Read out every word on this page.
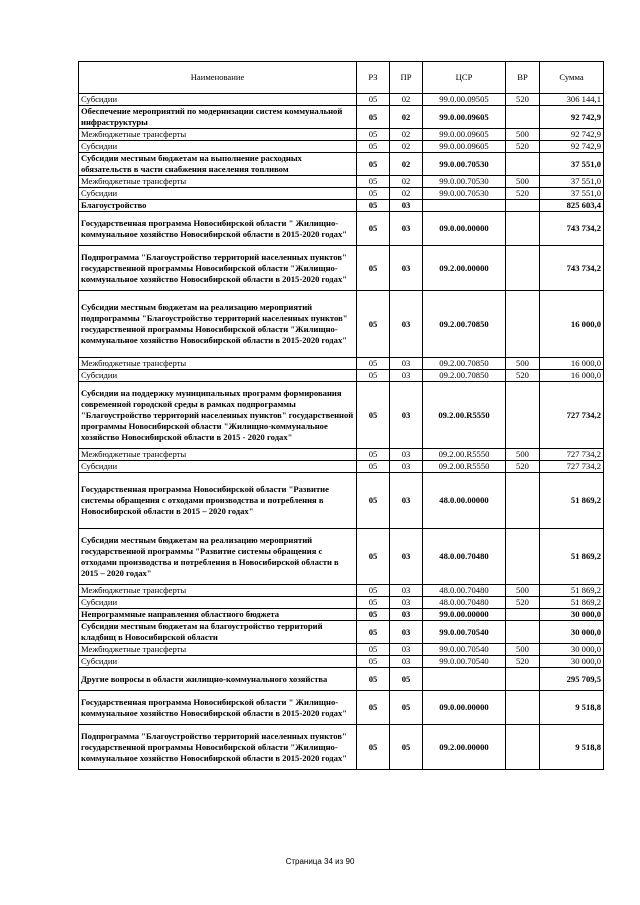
Наименование	РЗ	ПР	ЦСР	ВР	Сумма
Субсидии	05	02	99.0.00.09505	520	306 144,1
Обеспечение мероприятий по модернизации систем коммунальной инфраструктуры	05	02	99.0.00.09605		92 742,9
Межбюджетные трансферты	05	02	99.0.00.09605	500	92 742,9
Субсидии	05	02	99.0.00.09605	520	92 742,9
Субсидии местным бюджетам на выполнение расходных обязательств в части снабжения населения топливом	05	02	99.0.00.70530		37 551,0
Межбюджетные трансферты	05	02	99.0.00.70530	500	37 551,0
Субсидии	05	02	99.0.00.70530	520	37 551,0
Благоустройство	05	03			825 603,4
Государственная программа Новосибирской области " Жилищно-коммунальное хозяйство Новосибирской области в 2015-2020 годах"	05	03	09.0.00.00000		743 734,2
Подпрограмма "Благоустройство территорий населенных пунктов" государственной программы Новосибирской области "Жилищно-коммунальное хозяйство Новосибирской области в 2015-2020 годах"	05	03	09.2.00.00000		743 734,2
Субсидии местным бюджетам на реализацию мероприятий подпрограммы "Благоустройство территорий населенных пунктов" государственной программы Новосибирской области "Жилищно-коммунальное хозяйство Новосибирской области в 2015-2020 годах"	05	03	09.2.00.70850		16 000,0
Межбюджетные трансферты	05	03	09.2.00.70850	500	16 000,0
Субсидии	05	03	09.2.00.70850	520	16 000,0
Субсидии на поддержку муниципальных программ формирования современной городской среды в рамках подпрограммы "Благоустройство территорий населенных пунктов" государственной программы Новосибирской области "Жилищно-коммунальное хозяйство Новосибирской области в 2015 - 2020 годах"	05	03	09.2.00.R5550		727 734,2
Межбюджетные трансферты	05	03	09.2.00.R5550	500	727 734,2
Субсидии	05	03	09.2.00.R5550	520	727 734,2
Государственная программа Новосибирской области "Развитие системы обращения с отходами производства и потребления в Новосибирской области в 2015 – 2020 годах"	05	03	48.0.00.00000		51 869,2
Субсидии местным бюджетам на реализацию мероприятий государственной программы "Развитие системы обращения с отходами производства и потребления в Новосибирской области в 2015 – 2020 годах"	05	03	48.0.00.70480		51 869,2
Межбюджетные трансферты	05	03	48.0.00.70480	500	51 869,2
Субсидии	05	03	48.0.00.70480	520	51 869,2
Непрограммные направления областного бюджета	05	03	99.0.00.00000		30 000,0
Субсидии местным бюджетам на благоустройство территорий кладбищ в Новосибирской области	05	03	99.0.00.70540		30 000,0
Межбюджетные трансферты	05	03	99.0.00.70540	500	30 000,0
Субсидии	05	03	99.0.00.70540	520	30 000,0
Другие вопросы в области жилищно-коммунального хозяйства	05	05			295 709,5
Государственная программа Новосибирской области " Жилищно-коммунальное хозяйство Новосибирской области в 2015-2020 годах"	05	05	09.0.00.00000		9 518,8
Подпрограмма "Благоустройство территорий населенных пунктов" государственной программы Новосибирской области "Жилищно-коммунальное хозяйство Новосибирской области в 2015-2020 годах"	05	05	09.2.00.00000		9 518,8
Страница 34 из 90
